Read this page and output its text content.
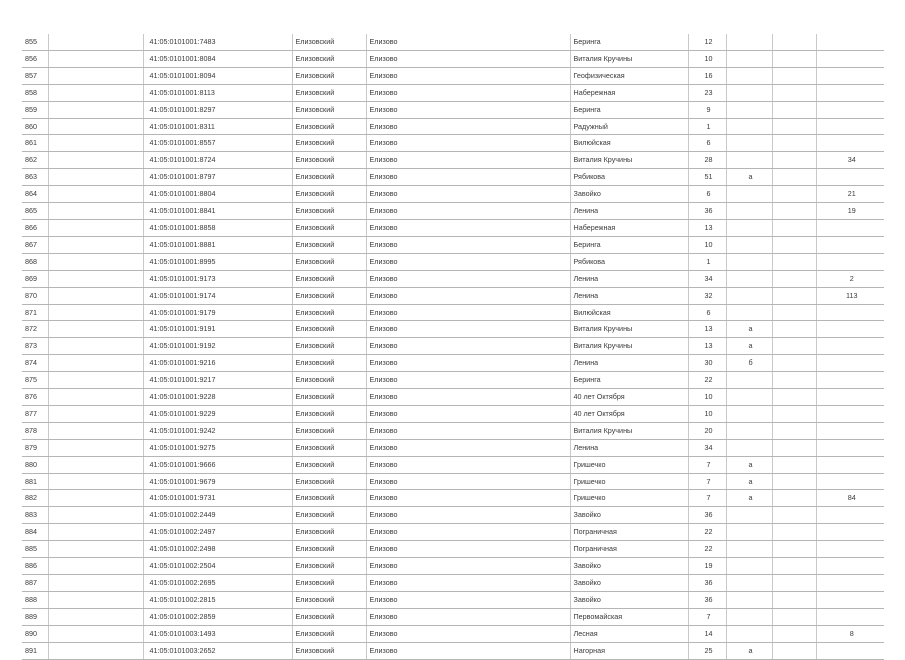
855		41:05:0101001:7483	Елизовский	Елизово	Беринга	12			
856		41:05:0101001:8084	Елизовский	Елизово	Виталия Кручины	10			
857		41:05:0101001:8094	Елизовский	Елизово	Геофизическая	16			
858		41:05:0101001:8113	Елизовский	Елизово	Набережная	23			
859		41:05:0101001:8297	Елизовский	Елизово	Беринга	9			
860		41:05:0101001:8311	Елизовский	Елизово	Радужный	1			
861		41:05:0101001:8557	Елизовский	Елизово	Вилюйская	6			
862		41:05:0101001:8724	Елизовский	Елизово	Виталия Кручины	28			34
863		41:05:0101001:8797	Елизовский	Елизово	Рябикова	51	а		
864		41:05:0101001:8804	Елизовский	Елизово	Завойко	6			21
865		41:05:0101001:8841	Елизовский	Елизово	Ленина	36			19
866		41:05:0101001:8858	Елизовский	Елизово	Набережная	13			
867		41:05:0101001:8881	Елизовский	Елизово	Беринга	10			
868		41:05:0101001:8995	Елизовский	Елизово	Рябикова	1			
869		41:05:0101001:9173	Елизовский	Елизово	Ленина	34			2
870		41:05:0101001:9174	Елизовский	Елизово	Ленина	32			113
871		41:05:0101001:9179	Елизовский	Елизово	Вилюйская	6			
872		41:05:0101001:9191	Елизовский	Елизово	Виталия Кручины	13	а		
873		41:05:0101001:9192	Елизовский	Елизово	Виталия Кручины	13	а		
874		41:05:0101001:9216	Елизовский	Елизово	Ленина	30	б		
875		41:05:0101001:9217	Елизовский	Елизово	Беринга	22			
876		41:05:0101001:9228	Елизовский	Елизово	40 лет Октября	10			
877		41:05:0101001:9229	Елизовский	Елизово	40 лет Октября	10			
878		41:05:0101001:9242	Елизовский	Елизово	Виталия Кручины	20			
879		41:05:0101001:9275	Елизовский	Елизово	Ленина	34			
880		41:05:0101001:9666	Елизовский	Елизово	Гришечко	7	а		
881		41:05:0101001:9679	Елизовский	Елизово	Гришечко	7	а		
882		41:05:0101001:9731	Елизовский	Елизово	Гришечко	7	а		84
883		41:05:0101002:2449	Елизовский	Елизово	Завойко	36			
884		41:05:0101002:2497	Елизовский	Елизово	Пограничная	22			
885		41:05:0101002:2498	Елизовский	Елизово	Пограничная	22			
886		41:05:0101002:2504	Елизовский	Елизово	Завойко	19			
887		41:05:0101002:2695	Елизовский	Елизово	Завойко	36			
888		41:05:0101002:2815	Елизовский	Елизово	Завойко	36			
889		41:05:0101002:2859	Елизовский	Елизово	Первомайская	7			
890		41:05:0101003:1493	Елизовский	Елизово	Лесная	14			8
891		41:05:0101003:2652	Елизовский	Елизово	Нагорная	25	а		
